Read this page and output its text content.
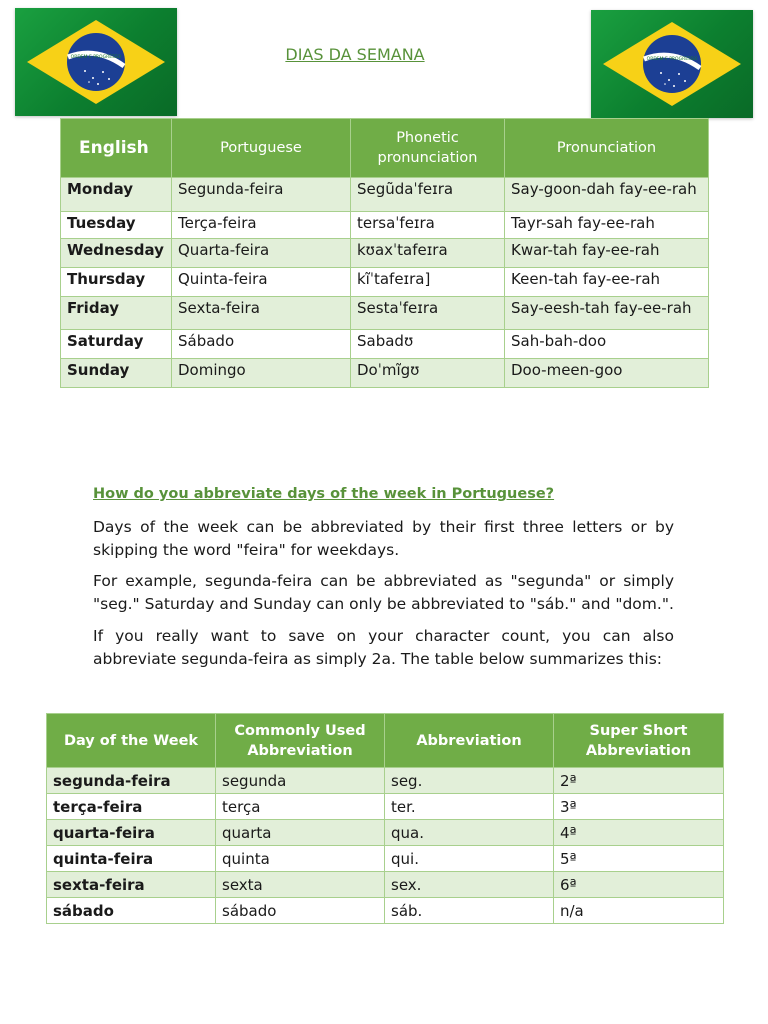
ORDEM E PROGRESSO	ORDEM E PROGRESSO
DIAS DA SEMANA
English	Portuguese	Phonetic pronunciation	Pronunciation
Monday	Segunda-feira	Segũdaˈfeɪra	Say-goon-dah fay-ee-rah
Tuesday	Terça-feira	tersaˈfeɪra	Tayr-sah fay-ee-rah
Wednesday	Quarta-feira	kʊaxˈtafeɪra	Kwar-tah fay-ee-rah
Thursday	Quinta-feira	kĩˈtafeɪra]	Keen-tah fay-ee-rah
Friday	Sexta-feira	Sestaˈfeɪra	Say-eesh-tah fay-ee-rah
Saturday	Sábado	Sabadʊ	Sah-bah-doo
Sunday	Domingo	Doˈmĩgʊ	Doo-meen-goo
How do you abbreviate days of the week in Portuguese?

Days of the week can be abbreviated by their first three letters or by skipping the word "feira" for weekdays.

For example, segunda-feira can be abbreviated as "segunda" or simply "seg." Saturday and Sunday can only be abbreviated to "sáb." and "dom.".

If you really want to save on your character count, you can also abbreviate segunda-feira as simply 2a. The table below summarizes this:

Day of the Week	Commonly Used Abbreviation	Abbreviation	Super Short Abbreviation
segunda-feira	segunda	seg.	2ª
terça-feira	terça	ter.	3ª
quarta-feira	quarta	qua.	4ª
quinta-feira	quinta	qui.	5ª
sexta-feira	sexta	sex.	6ª
sábado	sábado	sáb.	n/a
